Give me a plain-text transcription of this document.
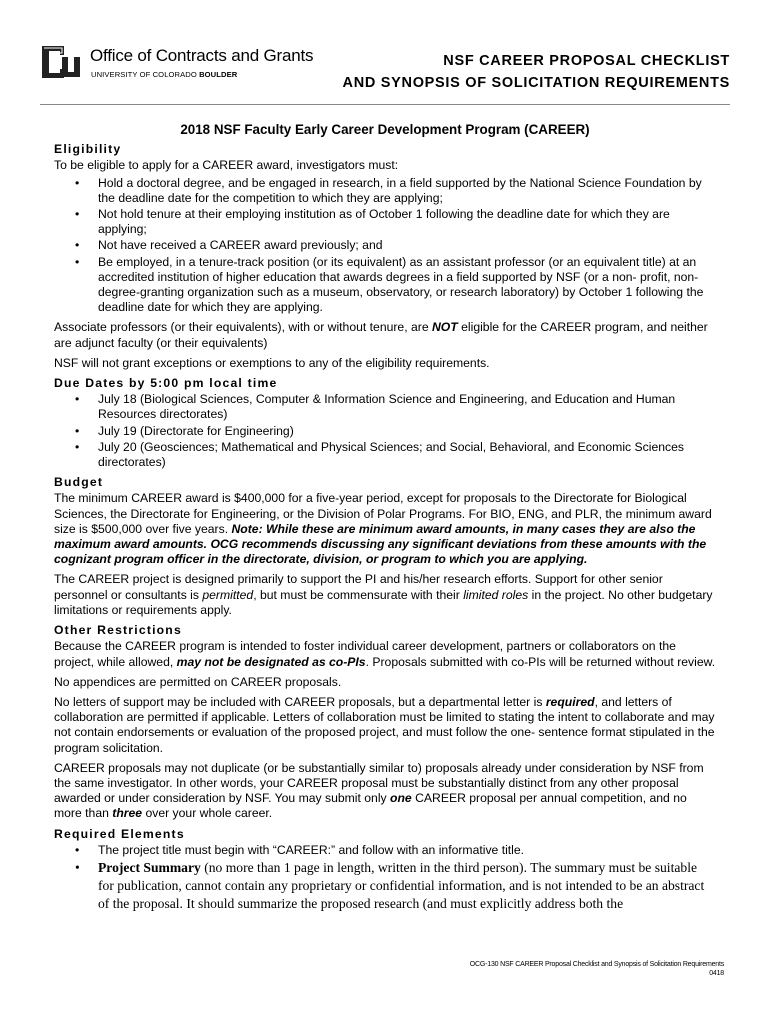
Office of Contracts and Grants
UNIVERSITY OF COLORADO BOULDER
NSF CAREER PROPOSAL CHECKLIST
AND SYNOPSIS OF SOLICITATION REQUIREMENTS
2018 NSF Faculty Early Career Development Program (CAREER)
Eligibility

To be eligible to apply for a CAREER award, investigators must:

• Hold a doctoral degree, and be engaged in research, in a field supported by the National Science Foundation by the deadline date for the competition to which they are applying;
• Not hold tenure at their employing institution as of October 1 following the deadline date for which they are applying;
• Not have received a CAREER award previously; and
• Be employed, in a tenure-track position (or its equivalent) as an assistant professor (or an equivalent title) at an accredited institution of higher education that awards degrees in a field supported by NSF (or a non- profit, non-degree-granting organization such as a museum, observatory, or research laboratory) by October 1 following the deadline date for which they are applying.

Associate professors (or their equivalents), with or without tenure, are NOT eligible for the CAREER program, and neither are adjunct faculty (or their equivalents)

NSF will not grant exceptions or exemptions to any of the eligibility requirements.

Due Dates by 5:00 pm local time
• July 18 (Biological Sciences, Computer & Information Science and Engineering, and Education and Human Resources directorates)
• July 19 (Directorate for Engineering)
• July 20 (Geosciences; Mathematical and Physical Sciences; and Social, Behavioral, and Economic Sciences directorates)
Budget

The minimum CAREER award is $400,000 for a five-year period, except for proposals to the Directorate for Biological Sciences, the Directorate for Engineering, or the Division of Polar Programs. For BIO, ENG, and PLR, the minimum award size is $500,000 over five years. Note: While these are minimum award amounts, in many cases they are also the maximum award amounts. OCG recommends discussing any significant deviations from these amounts with the cognizant program officer in the directorate, division, or program to which you are applying.

The CAREER project is designed primarily to support the PI and his/her research efforts. Support for other senior personnel or consultants is permitted, but must be commensurate with their limited roles in the project. No other budgetary limitations or requirements apply.

Other Restrictions

Because the CAREER program is intended to foster individual career development, partners or collaborators on the project, while allowed, may not be designated as co-PIs. Proposals submitted with co-PIs will be returned without review.

No appendices are permitted on CAREER proposals.

No letters of support may be included with CAREER proposals, but a departmental letter is required, and letters of collaboration are permitted if applicable. Letters of collaboration must be limited to stating the intent to collaborate and may not contain endorsements or evaluation of the proposed project, and must follow the one- sentence format stipulated in the program solicitation.

CAREER proposals may not duplicate (or be substantially similar to) proposals already under consideration by NSF from the same investigator. In other words, your CAREER proposal must be substantially distinct from any other proposal awarded or under consideration by NSF. You may submit only one CAREER proposal per annual competition, and no more than three over your whole career.

Required Elements
• The project title must begin with “CAREER:” and follow with an informative title.
• Project Summary (no more than 1 page in length, written in the third person). The summary must be suitable for publication, cannot contain any proprietary or confidential information, and is not intended to be an abstract of the proposal. It should summarize the proposed research (and must explicitly address both the
OCG-130 NSF CAREER Proposal Checklist and Synopsis of Solicitation Requirements
0418
